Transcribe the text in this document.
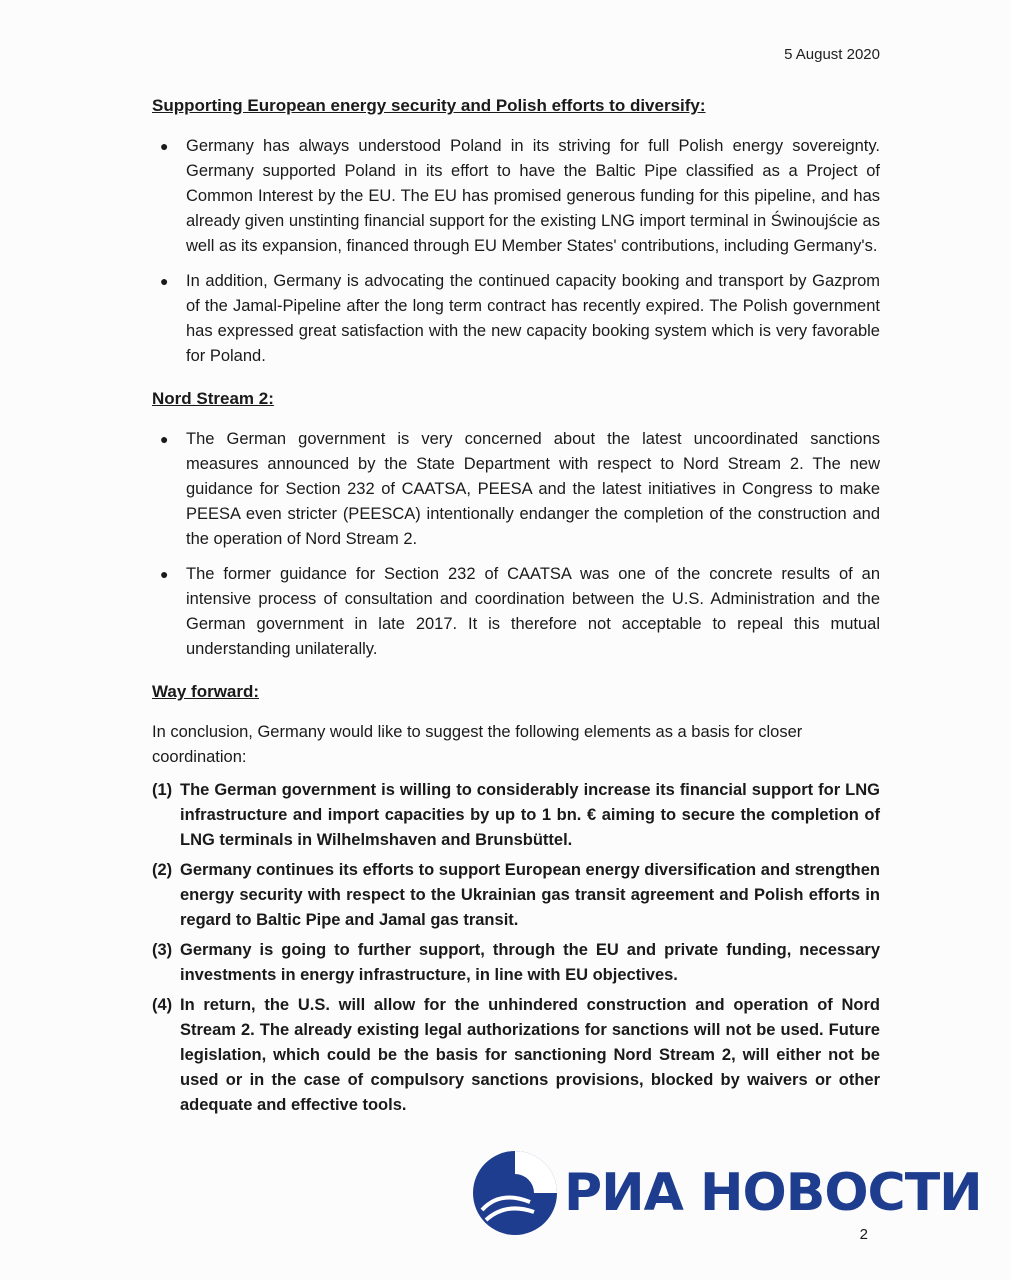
5 August 2020
Supporting European energy security and Polish efforts to diversify:
● Germany has always understood Poland in its striving for full Polish energy sovereignty. Germany supported Poland in its effort to have the Baltic Pipe classified as a Project of Common Interest by the EU. The EU has promised generous funding for this pipeline, and has already given unstinting financial support for the existing LNG import terminal in Świnoujście as well as its expansion, financed through EU Member States' contributions, including Germany's.
● In addition, Germany is advocating the continued capacity booking and transport by Gazprom of the Jamal-Pipeline after the long term contract has recently expired. The Polish government has expressed great satisfaction with the new capacity booking system which is very favorable for Poland.
Nord Stream 2:
● The German government is very concerned about the latest uncoordinated sanctions measures announced by the State Department with respect to Nord Stream 2. The new guidance for Section 232 of CAATSA, PEESA and the latest initiatives in Congress to make PEESA even stricter (PEESCA) intentionally endanger the completion of the construction and the operation of Nord Stream 2.
● The former guidance for Section 232 of CAATSA was one of the concrete results of an intensive process of consultation and coordination between the U.S. Administration and the German government in late 2017. It is therefore not acceptable to repeal this mutual understanding unilaterally.
Way forward:

In conclusion, Germany would like to suggest the following elements as a basis for closer coordination:

(1) The German government is willing to considerably increase its financial support for LNG infrastructure and import capacities by up to 1 bn. € aiming to secure the completion of LNG terminals in Wilhelmshaven and Brunsbüttel.
(2) Germany continues its efforts to support European energy diversification and strengthen energy security with respect to the Ukrainian gas transit agreement and Polish efforts in regard to Baltic Pipe and Jamal gas transit.
(3) Germany is going to further support, through the EU and private funding, necessary investments in energy infrastructure, in line with EU objectives.
(4) In return, the U.S. will allow for the unhindered construction and operation of Nord Stream 2. The already existing legal authorizations for sanctions will not be used. Future legislation, which could be the basis for sanctioning Nord Stream 2, will either not be used or in the case of compulsory sanctions provisions, blocked by waivers or other adequate and effective tools.
РИА НОВОСТИ
2
